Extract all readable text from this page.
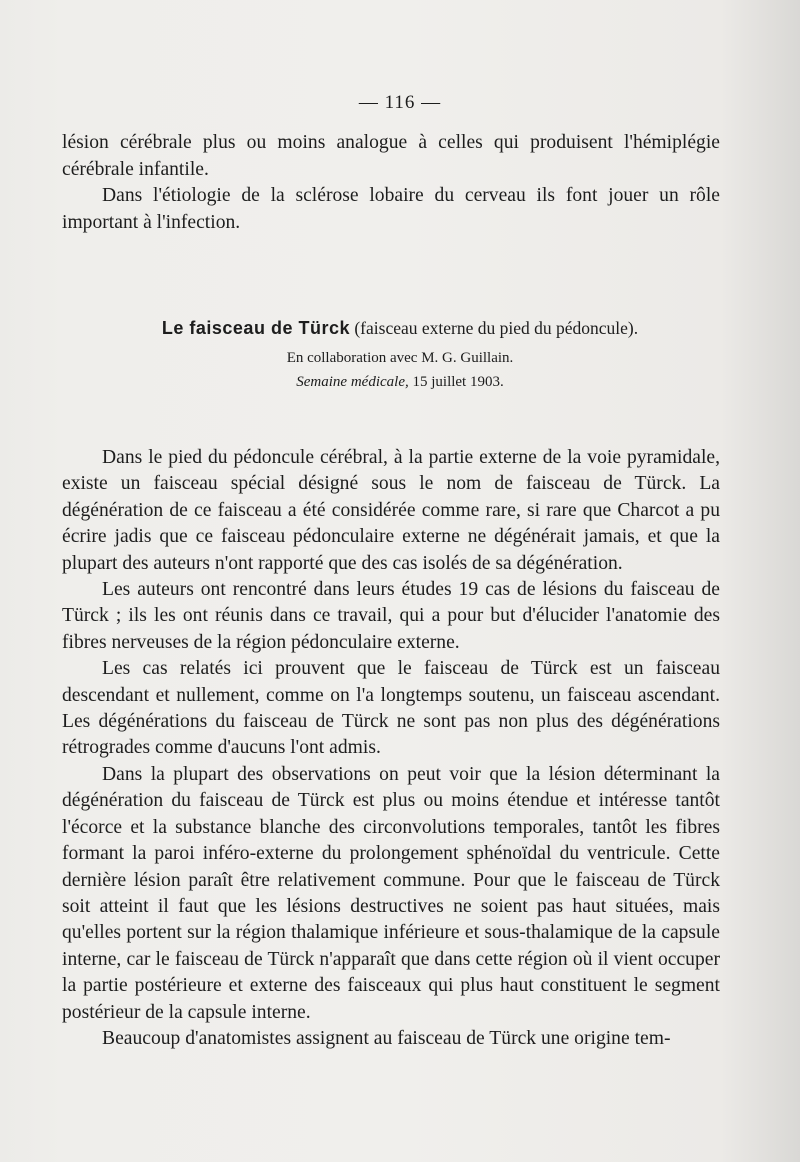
— 116 —

lésion cérébrale plus ou moins analogue à celles qui produisent l'hémiplégie cérébrale infantile.

Dans l'étiologie de la sclérose lobaire du cerveau ils font jouer un rôle important à l'infection.

Le faisceau de Türck (faisceau externe du pied du pédoncule).
En collaboration avec M. G. Guillain.
Semaine médicale, 15 juillet 1903.

Dans le pied du pédoncule cérébral, à la partie externe de la voie pyramidale, existe un faisceau spécial désigné sous le nom de faisceau de Türck. La dégénération de ce faisceau a été considérée comme rare, si rare que Charcot a pu écrire jadis que ce faisceau pédonculaire externe ne dégénérait jamais, et que la plupart des auteurs n'ont rapporté que des cas isolés de sa dégénération.

Les auteurs ont rencontré dans leurs études 19 cas de lésions du faisceau de Türck ; ils les ont réunis dans ce travail, qui a pour but d'élucider l'anatomie des fibres nerveuses de la région pédonculaire externe.

Les cas relatés ici prouvent que le faisceau de Türck est un faisceau descendant et nullement, comme on l'a longtemps soutenu, un faisceau ascendant. Les dégénérations du faisceau de Türck ne sont pas non plus des dégénérations rétrogrades comme d'aucuns l'ont admis.

Dans la plupart des observations on peut voir que la lésion déterminant la dégénération du faisceau de Türck est plus ou moins étendue et intéresse tantôt l'écorce et la substance blanche des circonvolutions temporales, tantôt les fibres formant la paroi inféro-externe du prolongement sphénoïdal du ventricule. Cette dernière lésion paraît être relativement commune. Pour que le faisceau de Türck soit atteint il faut que les lésions destructives ne soient pas haut situées, mais qu'elles portent sur la région thalamique inférieure et sous-thalamique de la capsule interne, car le faisceau de Türck n'apparaît que dans cette région où il vient occuper la partie postérieure et externe des faisceaux qui plus haut constituent le segment postérieur de la capsule interne.

Beaucoup d'anatomistes assignent au faisceau de Türck une origine tem-
